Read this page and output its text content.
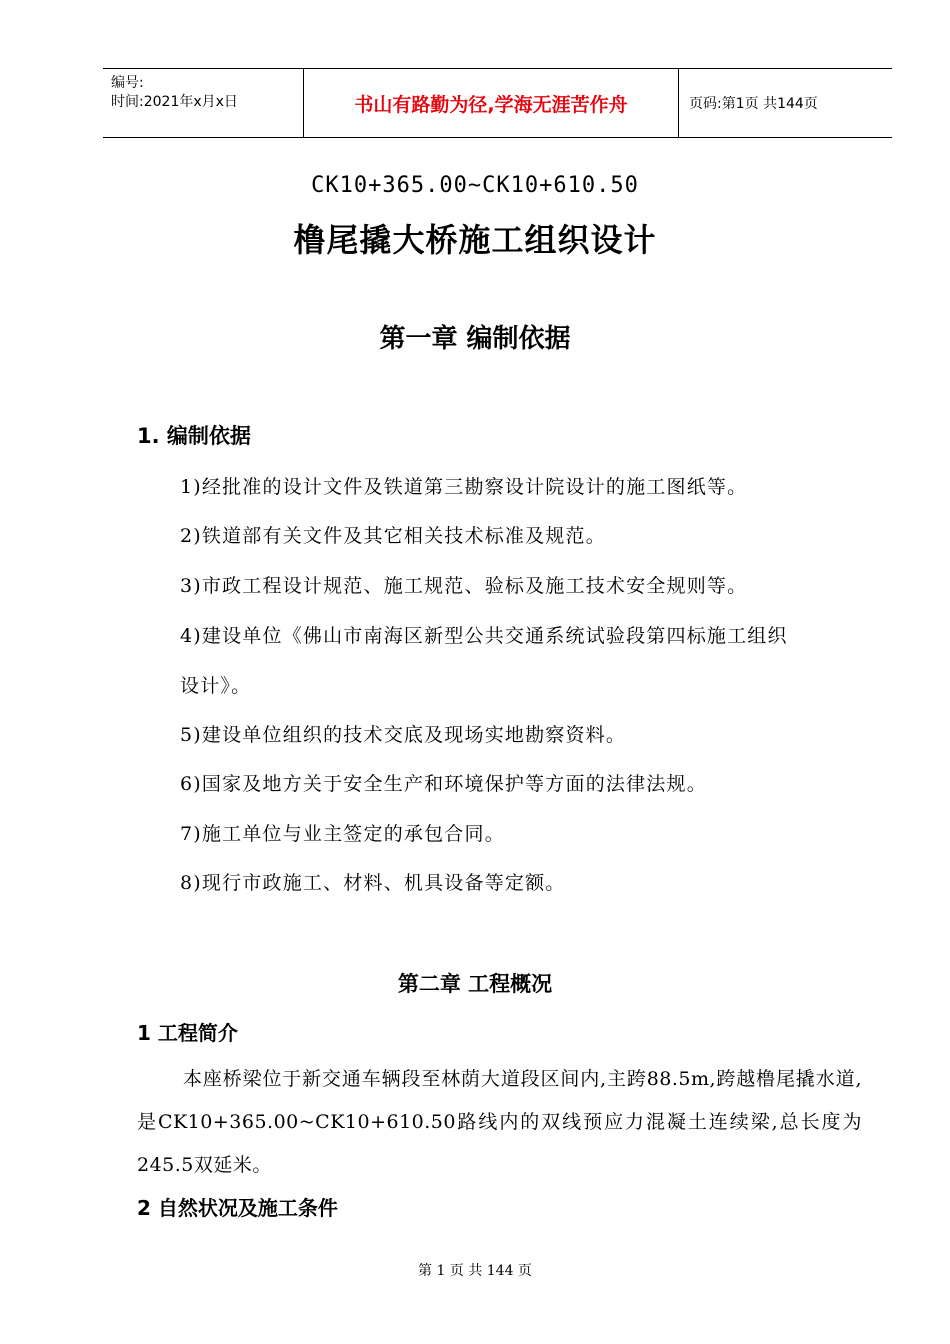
编号:
时间:2021年x月x日	书山有路勤为径,学海无涯苦作舟	页码:第1页 共144页
CK10+365.00~CK10+610.50
橹尾撬大桥施工组织设计
第一章 编制依据
1. 编制依据
1)经批准的设计文件及铁道第三勘察设计院设计的施工图纸等。
2)铁道部有关文件及其它相关技术标准及规范。
3)市政工程设计规范、施工规范、验标及施工技术安全规则等。
4)建设单位《佛山市南海区新型公共交通系统试验段第四标施工组织
设计》。
5)建设单位组织的技术交底及现场实地勘察资料。
6)国家及地方关于安全生产和环境保护等方面的法律法规。
7)施工单位与业主签定的承包合同。
8)现行市政施工、材料、机具设备等定额。
第二章 工程概况
1 工程简介
本座桥梁位于新交通车辆段至林荫大道段区间内,主跨88.5m,跨越橹尾撬水道,是CK10+365.00~CK10+610.50路线内的双线预应力混凝土连续梁,总长度为245.5双延米。
2 自然状况及施工条件
第 1 页 共 144 页
